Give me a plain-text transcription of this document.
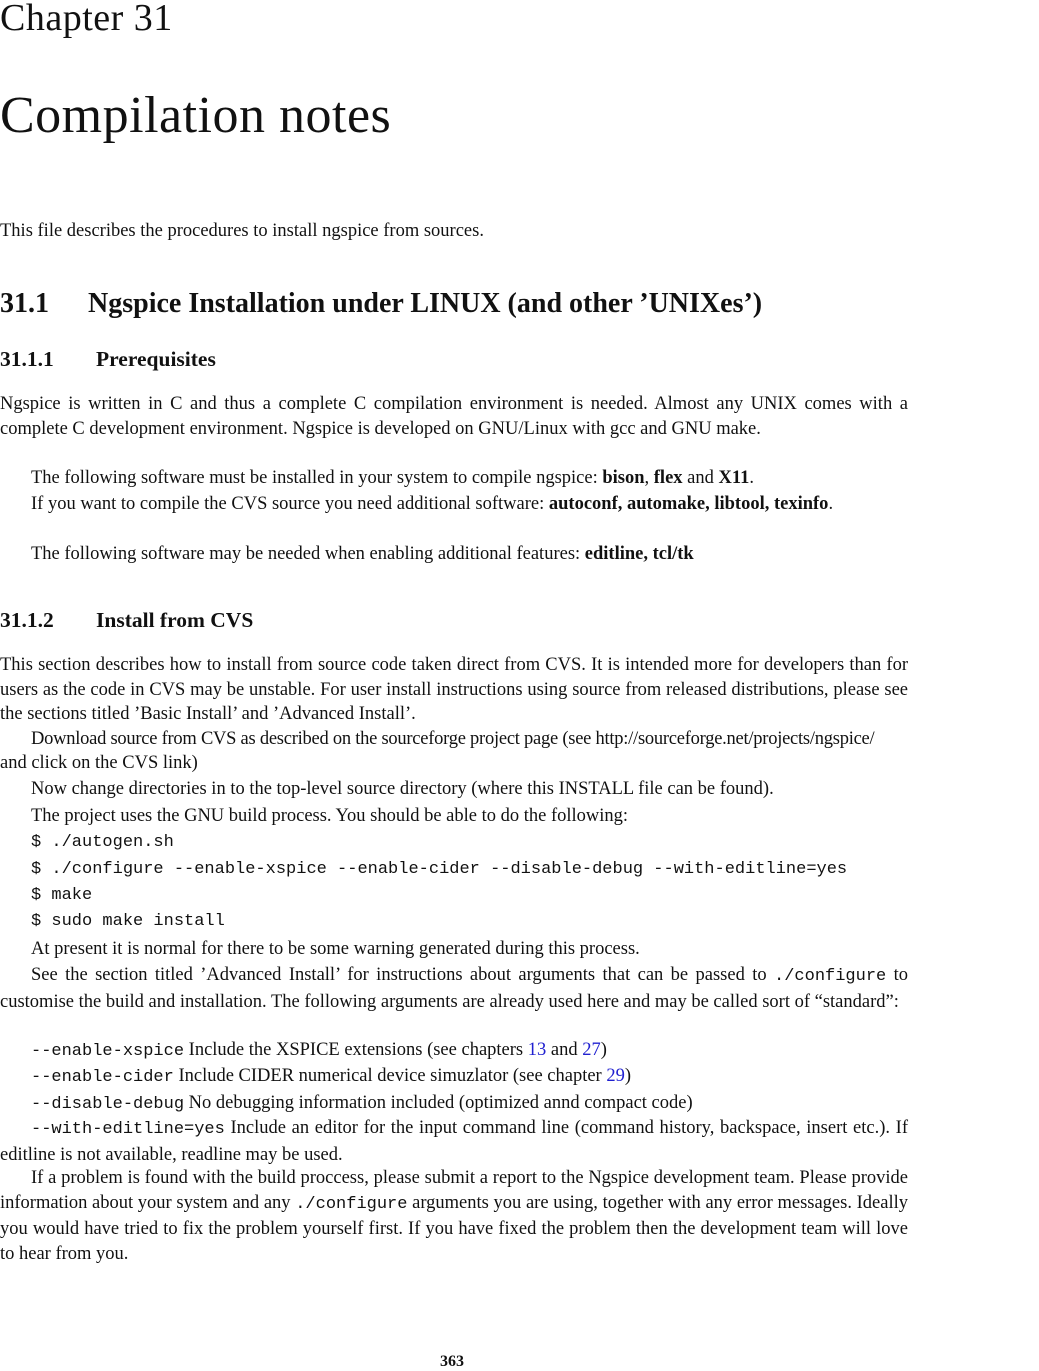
Chapter 31
Compilation notes
This file describes the procedures to install ngspice from sources.
31.1 Ngspice Installation under LINUX (and other ’UNIXes’)
31.1.1 Prerequisites
Ngspice is written in C and thus a complete C compilation environment is needed. Almost any UNIX comes with a complete C development environment. Ngspice is developed on GNU/Linux with gcc and GNU make.
The following software must be installed in your system to compile ngspice: bison, flex and X11.
If you want to compile the CVS source you need additional software: autoconf, automake, libtool, texinfo.
The following software may be needed when enabling additional features: editline, tcl/tk
31.1.2 Install from CVS
This section describes how to install from source code taken direct from CVS. It is intended more for developers than for users as the code in CVS may be unstable. For user install instructions using source from released distributions, please see the sections titled ’Basic Install’ and ’Advanced Install’.
Download source from CVS as described on the sourceforge project page (see http://sourceforge.net/projects/ngspice/
and click on the CVS link)
Now change directories in to the top-level source directory (where this INSTALL file can be found).
The project uses the GNU build process. You should be able to do the following:
$ ./autogen.sh
$ ./configure --enable-xspice --enable-cider --disable-debug --with-editline=yes
$ make
$ sudo make install
At present it is normal for there to be some warning generated during this process.
See the section titled ’Advanced Install’ for instructions about arguments that can be passed to ./configure to customise the build and installation. The following arguments are already used here and may be called sort of “standard”:
--enable-xspice Include the XSPICE extensions (see chapters 13 and 27)
--enable-cider Include CIDER numerical device simuzlator (see chapter 29)
--disable-debug No debugging information included (optimized annd compact code)
--with-editline=yes Include an editor for the input command line (command history, backspace, insert etc.). If editline is not available, readline may be used.
If a problem is found with the build proccess, please submit a report to the Ngspice development team. Please provide information about your system and any ./configure arguments you are using, together with any error messages. Ideally you would have tried to fix the problem yourself first. If you have fixed the problem then the development team will love to hear from you.
363
